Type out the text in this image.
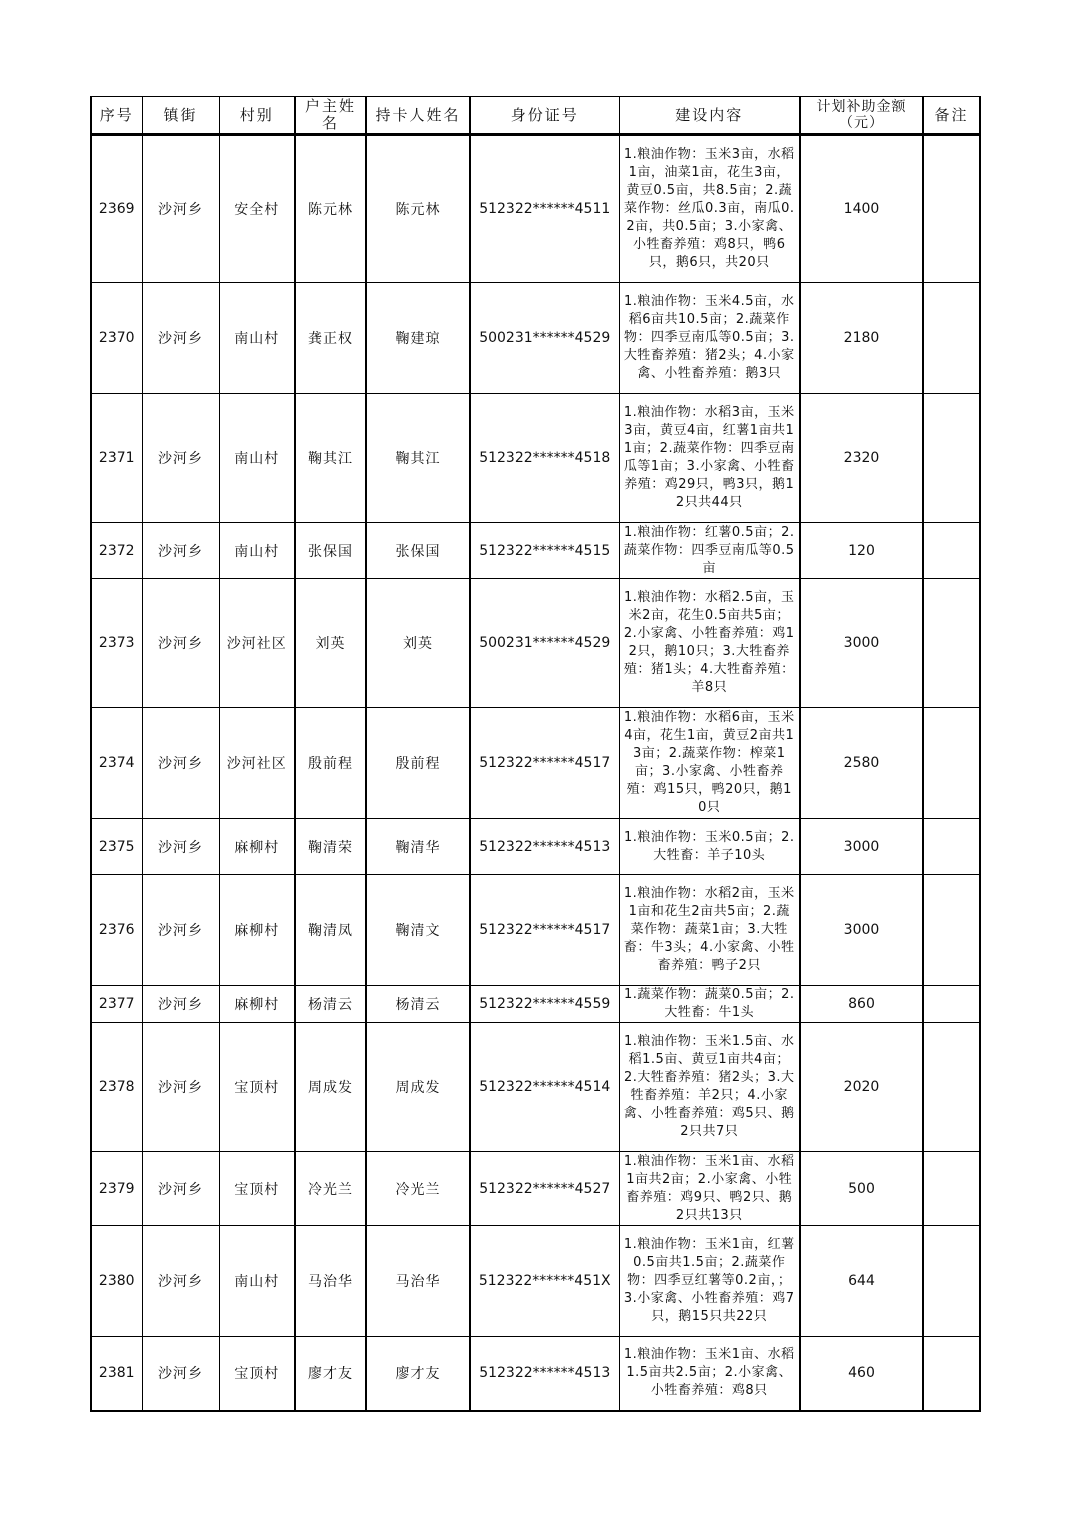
序号	镇街	村别	户主姓名	持卡人姓名	身份证号	建设内容	计划补助金额（元）	备注
2369	沙河乡	安全村	陈元林	陈元林	512322******4511	1.粮油作物：玉米3亩，水稻1亩，油菜1亩，花生3亩，黄豆0.5亩，共8.5亩；2.蔬菜作物：丝瓜0.3亩，南瓜0.2亩，共0.5亩；3.小家禽、小牲畜养殖：鸡8只，鸭6只，鹅6只，共20只	1400	
2370	沙河乡	南山村	龚正权	鞠建琼	500231******4529	1.粮油作物：玉米4.5亩，水稻6亩共10.5亩；2.蔬菜作物：四季豆南瓜等0.5亩；3.大牲畜养殖：猪2头；4.小家禽、小牲畜养殖：鹅3只	2180	
2371	沙河乡	南山村	鞠其江	鞠其江	512322******4518	1.粮油作物：水稻3亩，玉米3亩，黄豆4亩，红薯1亩共11亩；2.蔬菜作物：四季豆南瓜等1亩；3.小家禽、小牲畜养殖：鸡29只，鸭3只，鹅12只共44只	2320	
2372	沙河乡	南山村	张保国	张保国	512322******4515	1.粮油作物：红薯0.5亩；2.蔬菜作物：四季豆南瓜等0.5亩	120	
2373	沙河乡	沙河社区	刘英	刘英	500231******4529	1.粮油作物：水稻2.5亩，玉米2亩，花生0.5亩共5亩；2.小家禽、小牲畜养殖：鸡12只，鹅10只；3.大牲畜养殖：猪1头；4.大牲畜养殖：羊8只	3000	
2374	沙河乡	沙河社区	殷前程	殷前程	512322******4517	1.粮油作物：水稻6亩，玉米4亩，花生1亩，黄豆2亩共13亩；2.蔬菜作物：榨菜1亩；3.小家禽、小牲畜养殖：鸡15只，鸭20只，鹅10只	2580	
2375	沙河乡	麻柳村	鞠清荣	鞠清华	512322******4513	1.粮油作物：玉米0.5亩；2.大牲畜：羊子10头	3000	
2376	沙河乡	麻柳村	鞠清凤	鞠清文	512322******4517	1.粮油作物：水稻2亩，玉米1亩和花生2亩共5亩；2.蔬菜作物：蔬菜1亩；3.大牲畜：牛3头；4.小家禽、小牲畜养殖：鸭子2只	3000	
2377	沙河乡	麻柳村	杨清云	杨清云	512322******4559	1.蔬菜作物：蔬菜0.5亩；2.大牲畜：牛1头	860	
2378	沙河乡	宝顶村	周成发	周成发	512322******4514	1.粮油作物：玉米1.5亩、水稻1.5亩、黄豆1亩共4亩；2.大牲畜养殖：猪2头；3.大牲畜养殖：羊2只；4.小家禽、小牲畜养殖：鸡5只、鹅2只共7只	2020	
2379	沙河乡	宝顶村	冷光兰	冷光兰	512322******4527	1.粮油作物：玉米1亩、水稻1亩共2亩；2.小家禽、小牲畜养殖：鸡9只、鸭2只、鹅2只共13只	500	
2380	沙河乡	南山村	马治华	马治华	512322******451X	1.粮油作物：玉米1亩，红薯0.5亩共1.5亩；2.蔬菜作物：四季豆红薯等0.2亩，；3.小家禽、小牲畜养殖：鸡7只，鹅15只共22只	644	
2381	沙河乡	宝顶村	廖才友	廖才友	512322******4513	1.粮油作物：玉米1亩、水稻1.5亩共2.5亩；2.小家禽、小牲畜养殖：鸡8只	460	
